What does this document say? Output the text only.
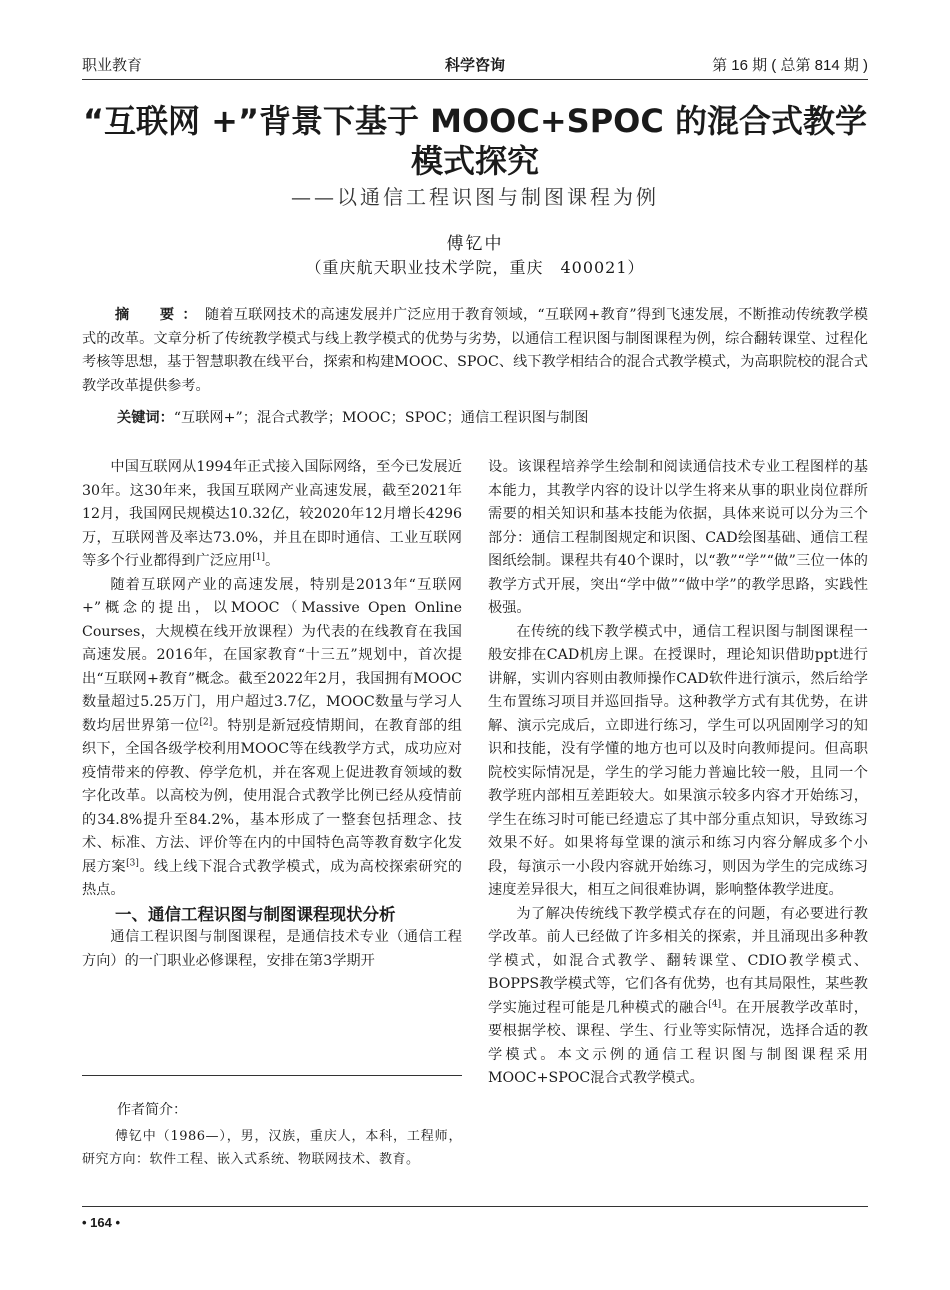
职业教育	科学咨询	第 16 期 ( 总第 814 期 )
“互联网 +”背景下基于 MOOC+SPOC 的混合式教学
模式探究
——以通信工程识图与制图课程为例
傅钇中
（重庆航天职业技术学院，重庆　400021）
摘　要：随着互联网技术的高速发展并广泛应用于教育领域，“互联网+教育”得到飞速发展，不断推动传统教学模式的改革。文章分析了传统教学模式与线上教学模式的优势与劣势，以通信工程识图与制图课程为例，综合翻转课堂、过程化考核等思想，基于智慧职教在线平台，探索和构建MOOC、SPOC、线下教学相结合的混合式教学模式，为高职院校的混合式教学改革提供参考。
关键词：“互联网+”；混合式教学；MOOC；SPOC；通信工程识图与制图

中国互联网从1994年正式接入国际网络，至今已发展近30年。这30年来，我国互联网产业高速发展，截至2021年12月，我国网民规模达10.32亿，较2020年12月增长4296万，互联网普及率达73.0%，并且在即时通信、工业互联网等多个行业都得到广泛应用[1]。

随着互联网产业的高速发展，特别是2013年“互联网+”概念的提出，以MOOC（Massive Open Online Courses，大规模在线开放课程）为代表的在线教育在我国高速发展。2016年，在国家教育“十三五”规划中，首次提出“互联网+教育”概念。截至2022年2月，我国拥有MOOC数量超过5.25万门，用户超过3.7亿，MOOC数量与学习人数均居世界第一位[2]。特别是新冠疫情期间，在教育部的组织下，全国各级学校利用MOOC等在线教学方式，成功应对疫情带来的停教、停学危机，并在客观上促进教育领域的数字化改革。以高校为例，使用混合式教学比例已经从疫情前的34.8%提升至84.2%，基本形成了一整套包括理念、技术、标准、方法、评价等在内的中国特色高等教育数字化发展方案[3]。线上线下混合式教学模式，成为高校探索研究的热点。

一、通信工程识图与制图课程现状分析

通信工程识图与制图课程，是通信技术专业（通信工程方向）的一门职业必修课程，安排在第3学期开

设。该课程培养学生绘制和阅读通信技术专业工程图样的基本能力，其教学内容的设计以学生将来从事的职业岗位群所需要的相关知识和基本技能为依据，具体来说可以分为三个部分：通信工程制图规定和识图、CAD绘图基础、通信工程图纸绘制。课程共有40个课时，以“教”“学”“做”三位一体的教学方式开展，突出“学中做”“做中学”的教学思路，实践性极强。

在传统的线下教学模式中，通信工程识图与制图课程一般安排在CAD机房上课。在授课时，理论知识借助ppt进行讲解，实训内容则由教师操作CAD软件进行演示，然后给学生布置练习项目并巡回指导。这种教学方式有其优势，在讲解、演示完成后，立即进行练习，学生可以巩固刚学习的知识和技能，没有学懂的地方也可以及时向教师提问。但高职院校实际情况是，学生的学习能力普遍比较一般，且同一个教学班内部相互差距较大。如果演示较多内容才开始练习，学生在练习时可能已经遗忘了其中部分重点知识，导致练习效果不好。如果将每堂课的演示和练习内容分解成多个小段，每演示一小段内容就开始练习，则因为学生的完成练习速度差异很大，相互之间很难协调，影响整体教学进度。

为了解决传统线下教学模式存在的问题，有必要进行教学改革。前人已经做了许多相关的探索，并且涌现出多种教学模式，如混合式教学、翻转课堂、CDIO教学模式、BOPPS教学模式等，它们各有优势，也有其局限性，某些教学实施过程可能是几种模式的融合[4]。在开展教学改革时，要根据学校、课程、学生、行业等实际情况，选择合适的教学模式。本文示例的通信工程识图与制图课程采用MOOC+SPOC混合式教学模式。

作者简介：
傅钇中（1986—），男，汉族，重庆人，本科，工程师，研究方向：软件工程、嵌入式系统、物联网技术、教育。
• 164 •
